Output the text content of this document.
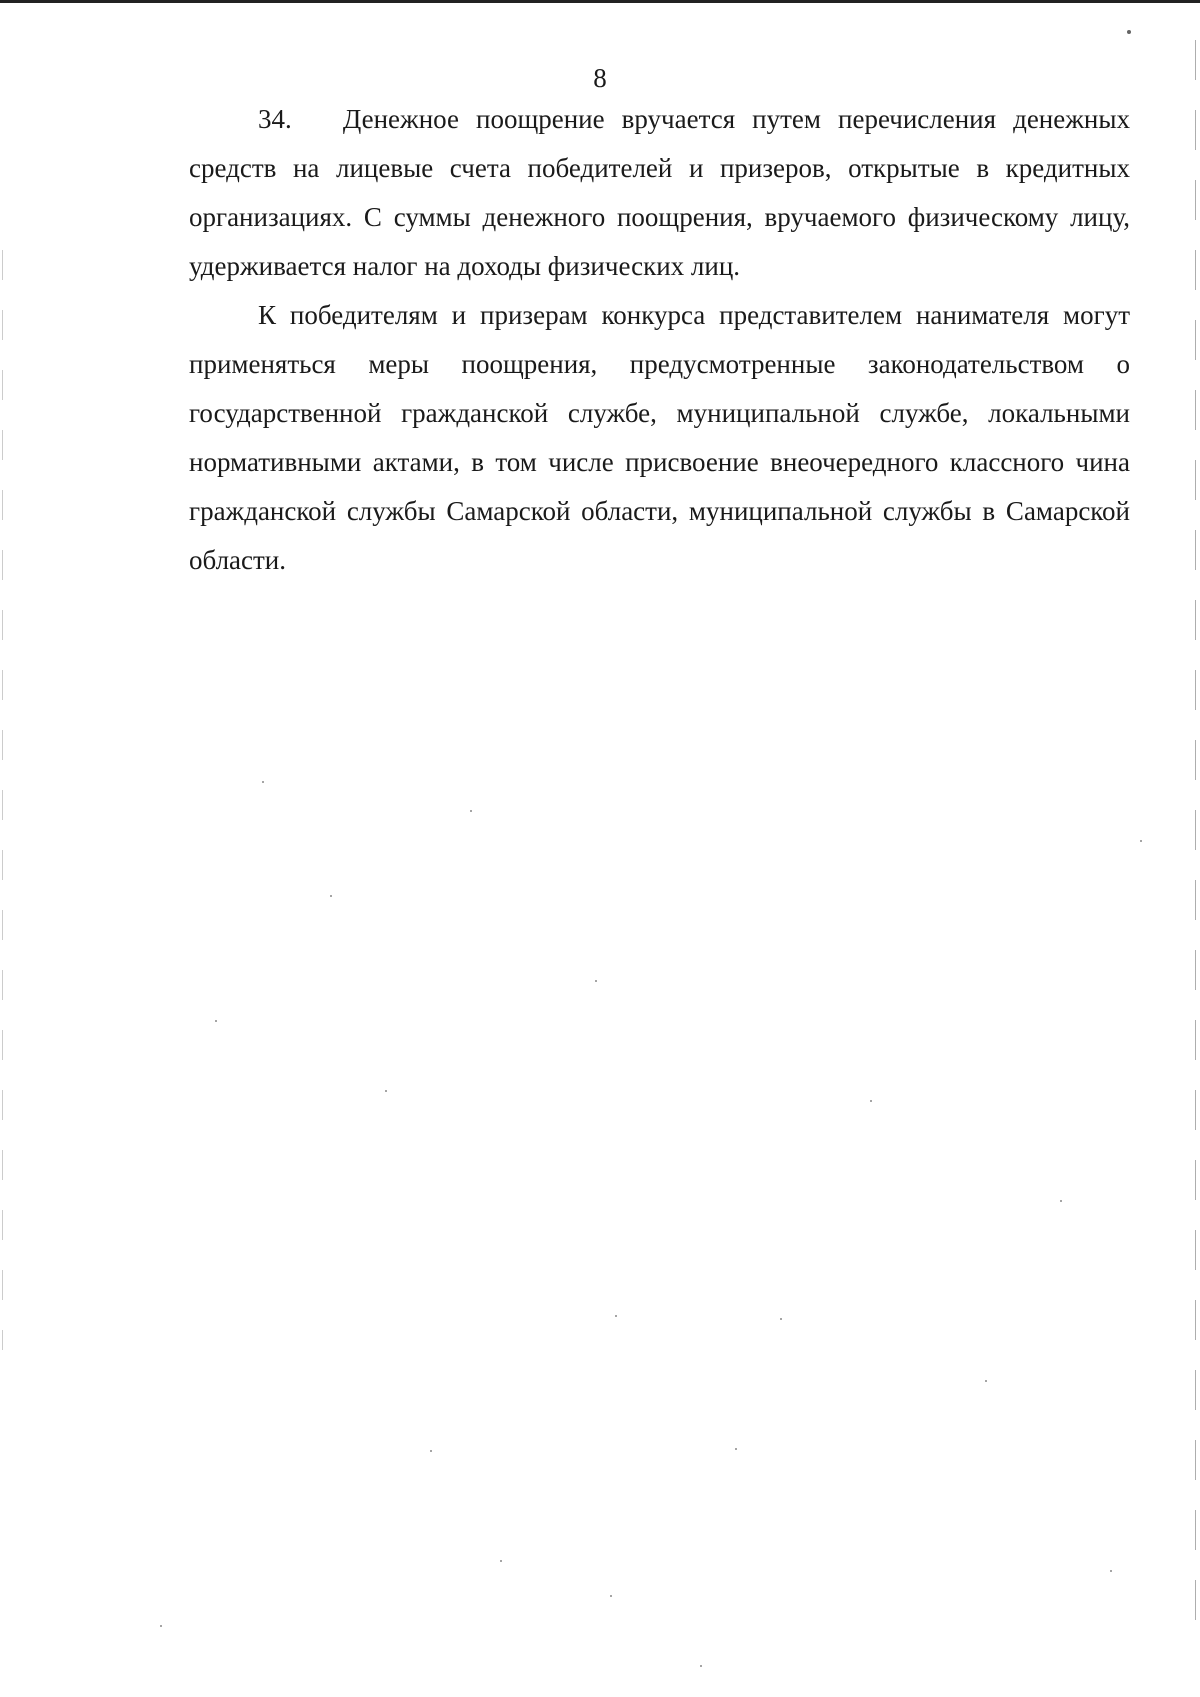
8

34.   Денежное поощрение вручается путем перечисления денежных средств на лицевые счета победителей и призеров, открытые в кредитных организациях. С суммы денежного поощрения, вручаемого физическому лицу, удерживается налог на доходы физических лиц.

К победителям и призерам конкурса представителем нанимателя могут применяться меры поощрения, предусмотренные законодательством о государственной гражданской службе, муниципальной службе, локальными нормативными актами, в том числе присвоение внеочередного классного чина гражданской службы Самарской области, муниципальной службы в Самарской области.
